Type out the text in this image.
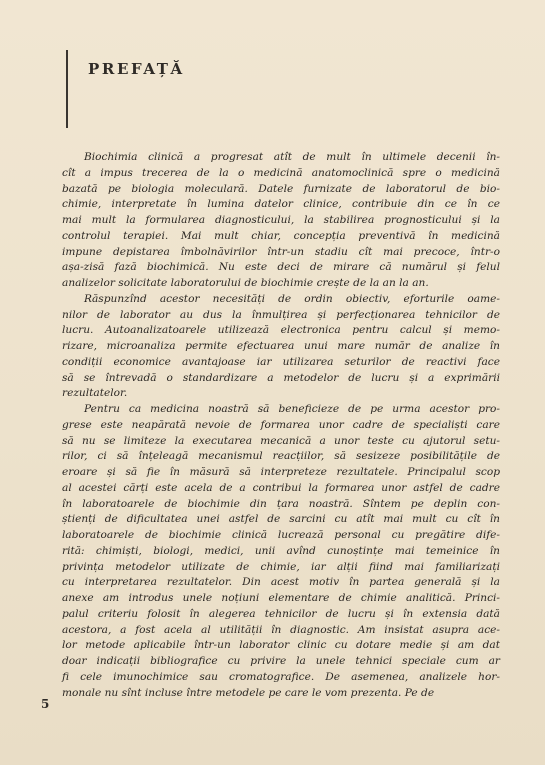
PREFAȚĂ

Biochimia clinică a progresat atît de mult în ultimele decenii în-
cît a impus trecerea de la o medicină anatomoclinică spre o medicină
bazată pe biologia moleculară. Datele furnizate de laboratorul de bio-
chimie, interpretate în lumina datelor clinice, contribuie din ce în ce
mai mult la formularea diagnosticului, la stabilirea prognosticului și la
controlul terapiei. Mai mult chiar, concepția preventivă în medicină
impune depistarea îmbolnăvirilor într-un stadiu cît mai precoce, într-o
așa-zisă fază biochimică. Nu este deci de mirare că numărul și felul
analizelor solicitate laboratorului de biochimie crește de la an la an.

Răspunzînd acestor necesități de ordin obiectiv, eforturile oame-
nilor de laborator au dus la înmulțirea și perfecționarea tehnicilor de
lucru. Autoanalizatoarele utilizează electronica pentru calcul și memo-
rizare, microanaliza permite efectuarea unui mare număr de analize în
condiții economice avantajoase iar utilizarea seturilor de reactivi face
să se întrevadă o standardizare a metodelor de lucru și a exprimării
rezultatelor.

Pentru ca medicina noastră să beneficieze de pe urma acestor pro-
grese este neapărată nevoie de formarea unor cadre de specialiști care
să nu se limiteze la executarea mecanică a unor teste cu ajutorul setu-
rilor, ci să înțeleagă mecanismul reacțiilor, să sesizeze posibilitățile de
eroare și să fie în măsură să interpreteze rezultatele. Principalul scop
al acestei cărți este acela de a contribui la formarea unor astfel de cadre
în laboratoarele de biochimie din țara noastră. Sîntem pe deplin con-
știenți de dificultatea unei astfel de sarcini cu atît mai mult cu cît în
laboratoarele de biochimie clinică lucrează personal cu pregătire dife-
rită: chimiști, biologi, medici, unii avînd cunoștințe mai temeinice în
privința metodelor utilizate de chimie, iar alții fiind mai familiarizați
cu interpretarea rezultatelor. Din acest motiv în partea generală și la
anexe am introdus unele noțiuni elementare de chimie analitică. Princi-
palul criteriu folosit în alegerea tehnicilor de lucru și în extensia dată
acestora, a fost acela al utilității în diagnostic. Am insistat asupra ace-
lor metode aplicabile într-un laborator clinic cu dotare medie și am dat
doar indicații bibliografice cu privire la unele tehnici speciale cum ar
fi cele imunochimice sau cromatografice. De asemenea, analizele hor-
monale nu sînt incluse între metodele pe care le vom prezenta. Pe de

5
